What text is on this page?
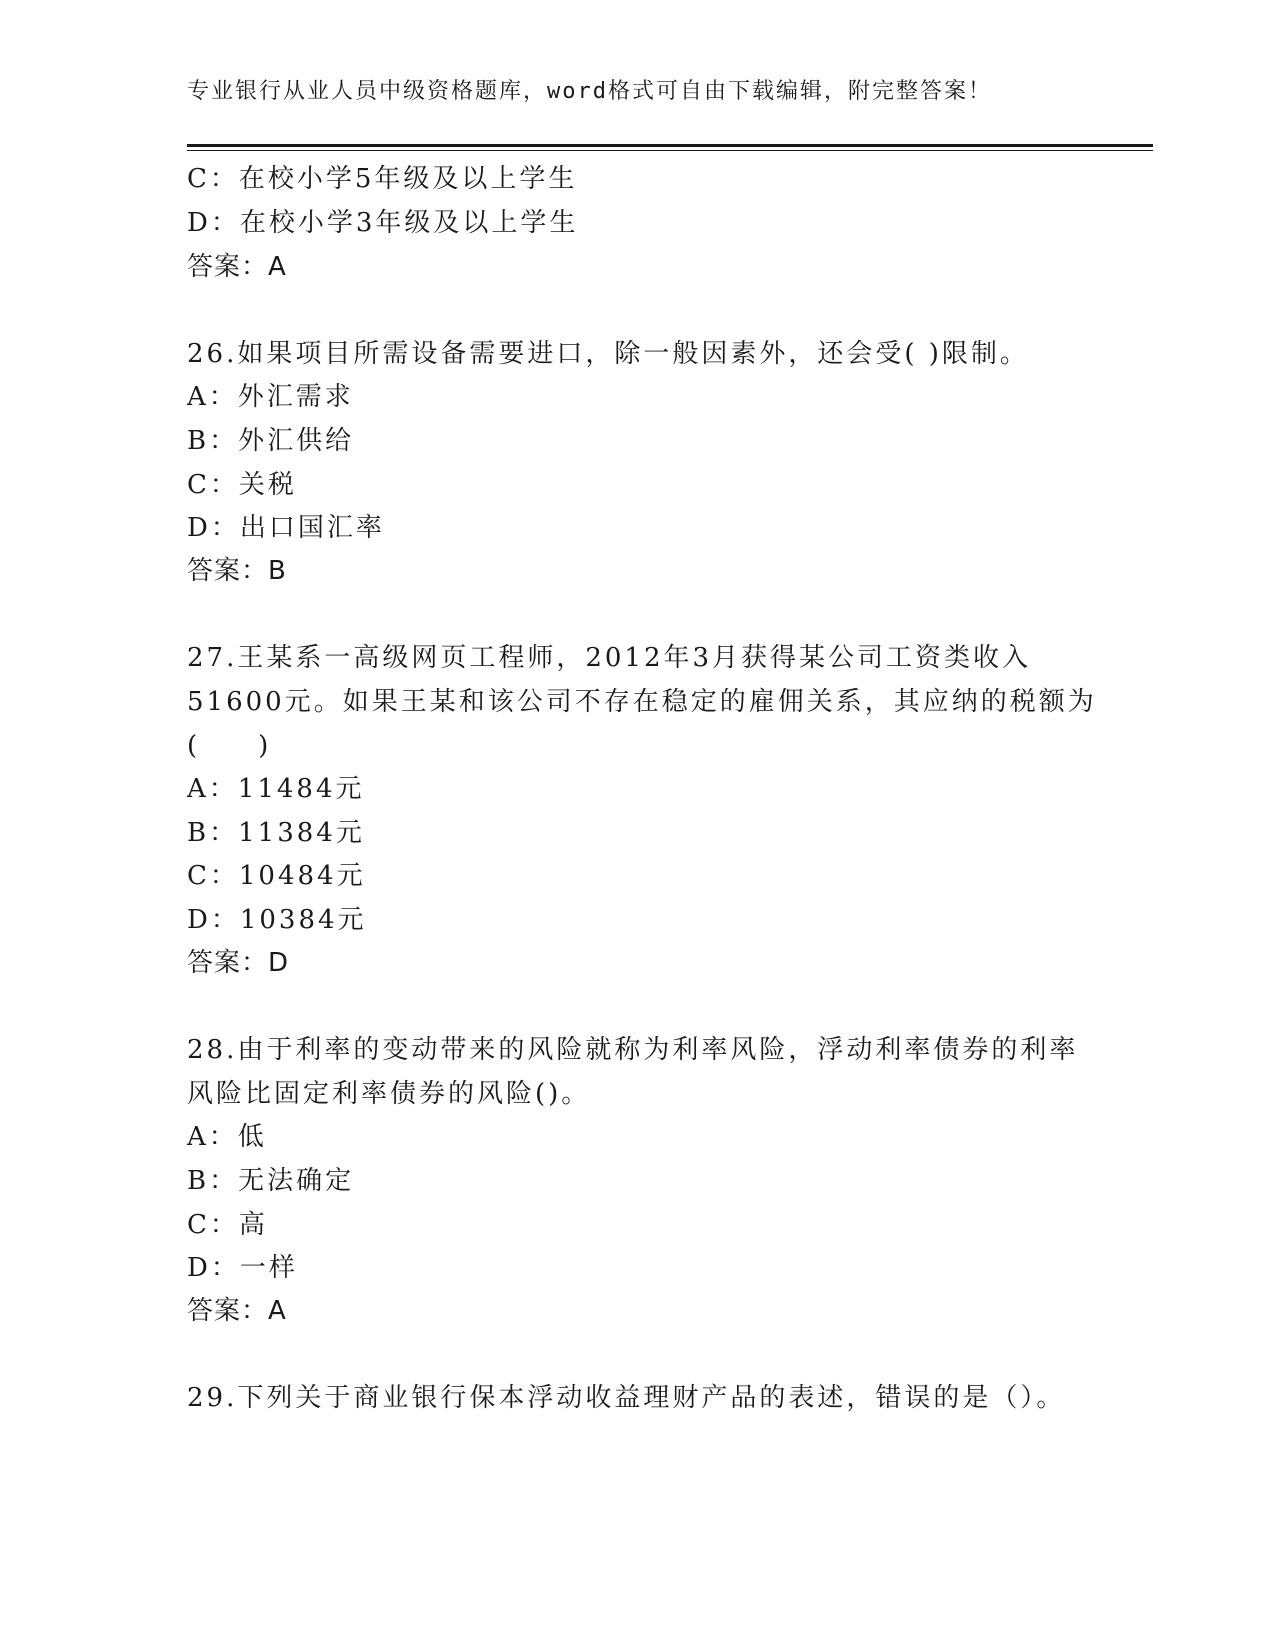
专业银行从业人员中级资格题库，word格式可自由下载编辑，附完整答案！
C：在校小学5年级及以上学生
D：在校小学3年级及以上学生
答案：A
26.如果项目所需设备需要进口，除一般因素外，还会受( )限制。
A：外汇需求
B：外汇供给
C：关税
D：出口国汇率
答案：B
27.王某系一高级网页工程师，2012年3月获得某公司工资类收入
51600元。如果王某和该公司不存在稳定的雇佣关系，其应纳的税额为
(　　)
A：11484元
B：11384元
C：10484元
D：10384元
答案：D
28.由于利率的变动带来的风险就称为利率风险，浮动利率债券的利率
风险比固定利率债券的风险()。
A：低
B：无法确定
C：高
D：一样
答案：A
29.下列关于商业银行保本浮动收益理财产品的表述，错误的是（）。
